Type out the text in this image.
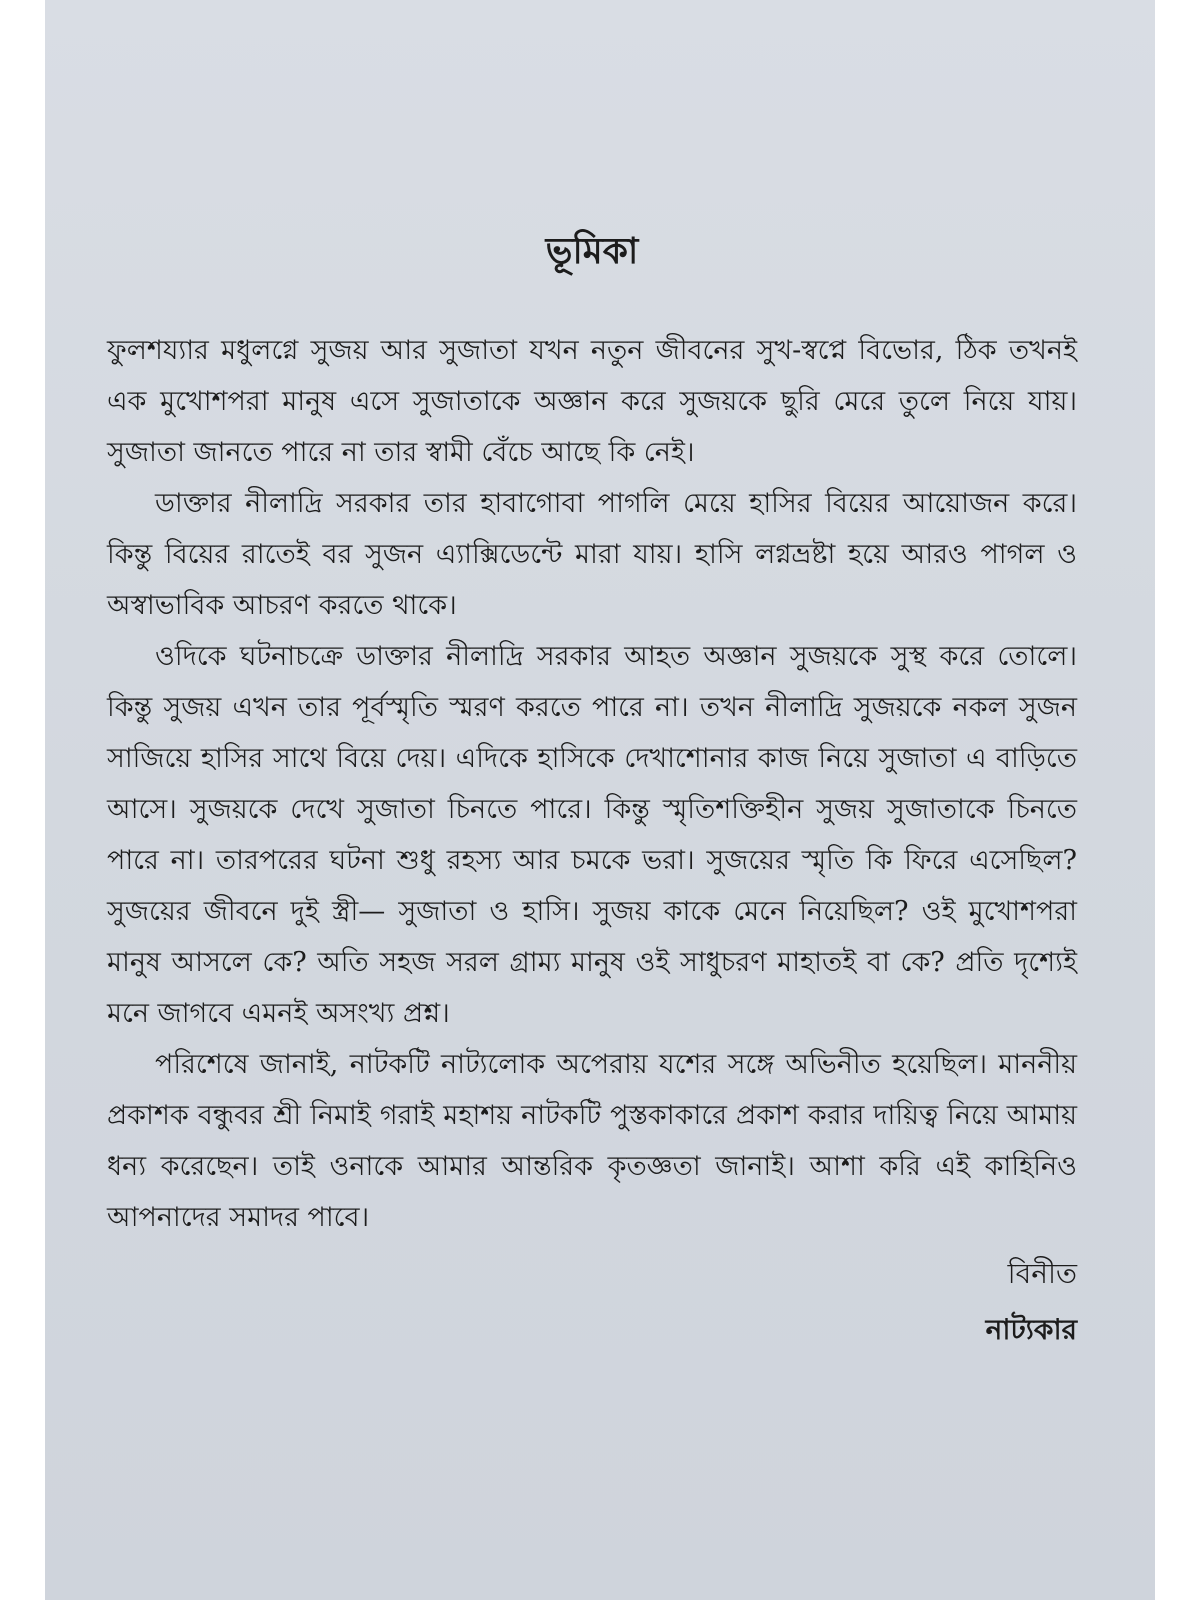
ভূমিকা

ফুলশয্যার মধুলগ্নে সুজয় আর সুজাতা যখন নতুন জীবনের সুখ-স্বপ্নে বিভোর, ঠিক তখনই এক মুখোশপরা মানুষ এসে সুজাতাকে অজ্ঞান করে সুজয়কে ছুরি মেরে তুলে নিয়ে যায়। সুজাতা জানতে পারে না তার স্বামী বেঁচে আছে কি নেই।

ডাক্তার নীলাদ্রি সরকার তার হাবাগোবা পাগলি মেয়ে হাসির বিয়ের আয়োজন করে। কিন্তু বিয়ের রাতেই বর সুজন এ্যাক্সিডেন্টে মারা যায়। হাসি লগ্নভ্রষ্টা হয়ে আরও পাগল ও অস্বাভাবিক আচরণ করতে থাকে।

ওদিকে ঘটনাচক্রে ডাক্তার নীলাদ্রি সরকার আহত অজ্ঞান সুজয়কে সুস্থ করে তোলে। কিন্তু সুজয় এখন তার পূর্বস্মৃতি স্মরণ করতে পারে না। তখন নীলাদ্রি সুজয়কে নকল সুজন সাজিয়ে হাসির সাথে বিয়ে দেয়। এদিকে হাসিকে দেখাশোনার কাজ নিয়ে সুজাতা এ বাড়িতে আসে। সুজয়কে দেখে সুজাতা চিনতে পারে। কিন্তু স্মৃতিশক্তিহীন সুজয় সুজাতাকে চিনতে পারে না। তারপরের ঘটনা শুধু রহস্য আর চমকে ভরা। সুজয়ের স্মৃতি কি ফিরে এসেছিল? সুজয়ের জীবনে দুই স্ত্রী— সুজাতা ও হাসি। সুজয় কাকে মেনে নিয়েছিল? ওই মুখোশপরা মানুষ আসলে কে? অতি সহজ সরল গ্রাম্য মানুষ ওই সাধুচরণ মাহাতই বা কে? প্রতি দৃশ্যেই মনে জাগবে এমনই অসংখ্য প্রশ্ন।

পরিশেষে জানাই, নাটকটি নাট্যলোক অপেরায় যশের সঙ্গে অভিনীত হয়েছিল। মাননীয় প্রকাশক বন্ধুবর শ্রী নিমাই গরাই মহাশয় নাটকটি পুস্তকাকারে প্রকাশ করার দায়িত্ব নিয়ে আমায় ধন্য করেছেন। তাই ওনাকে আমার আন্তরিক কৃতজ্ঞতা জানাই। আশা করি এই কাহিনিও আপনাদের সমাদর পাবে।

বিনীত

নাট্যকার
